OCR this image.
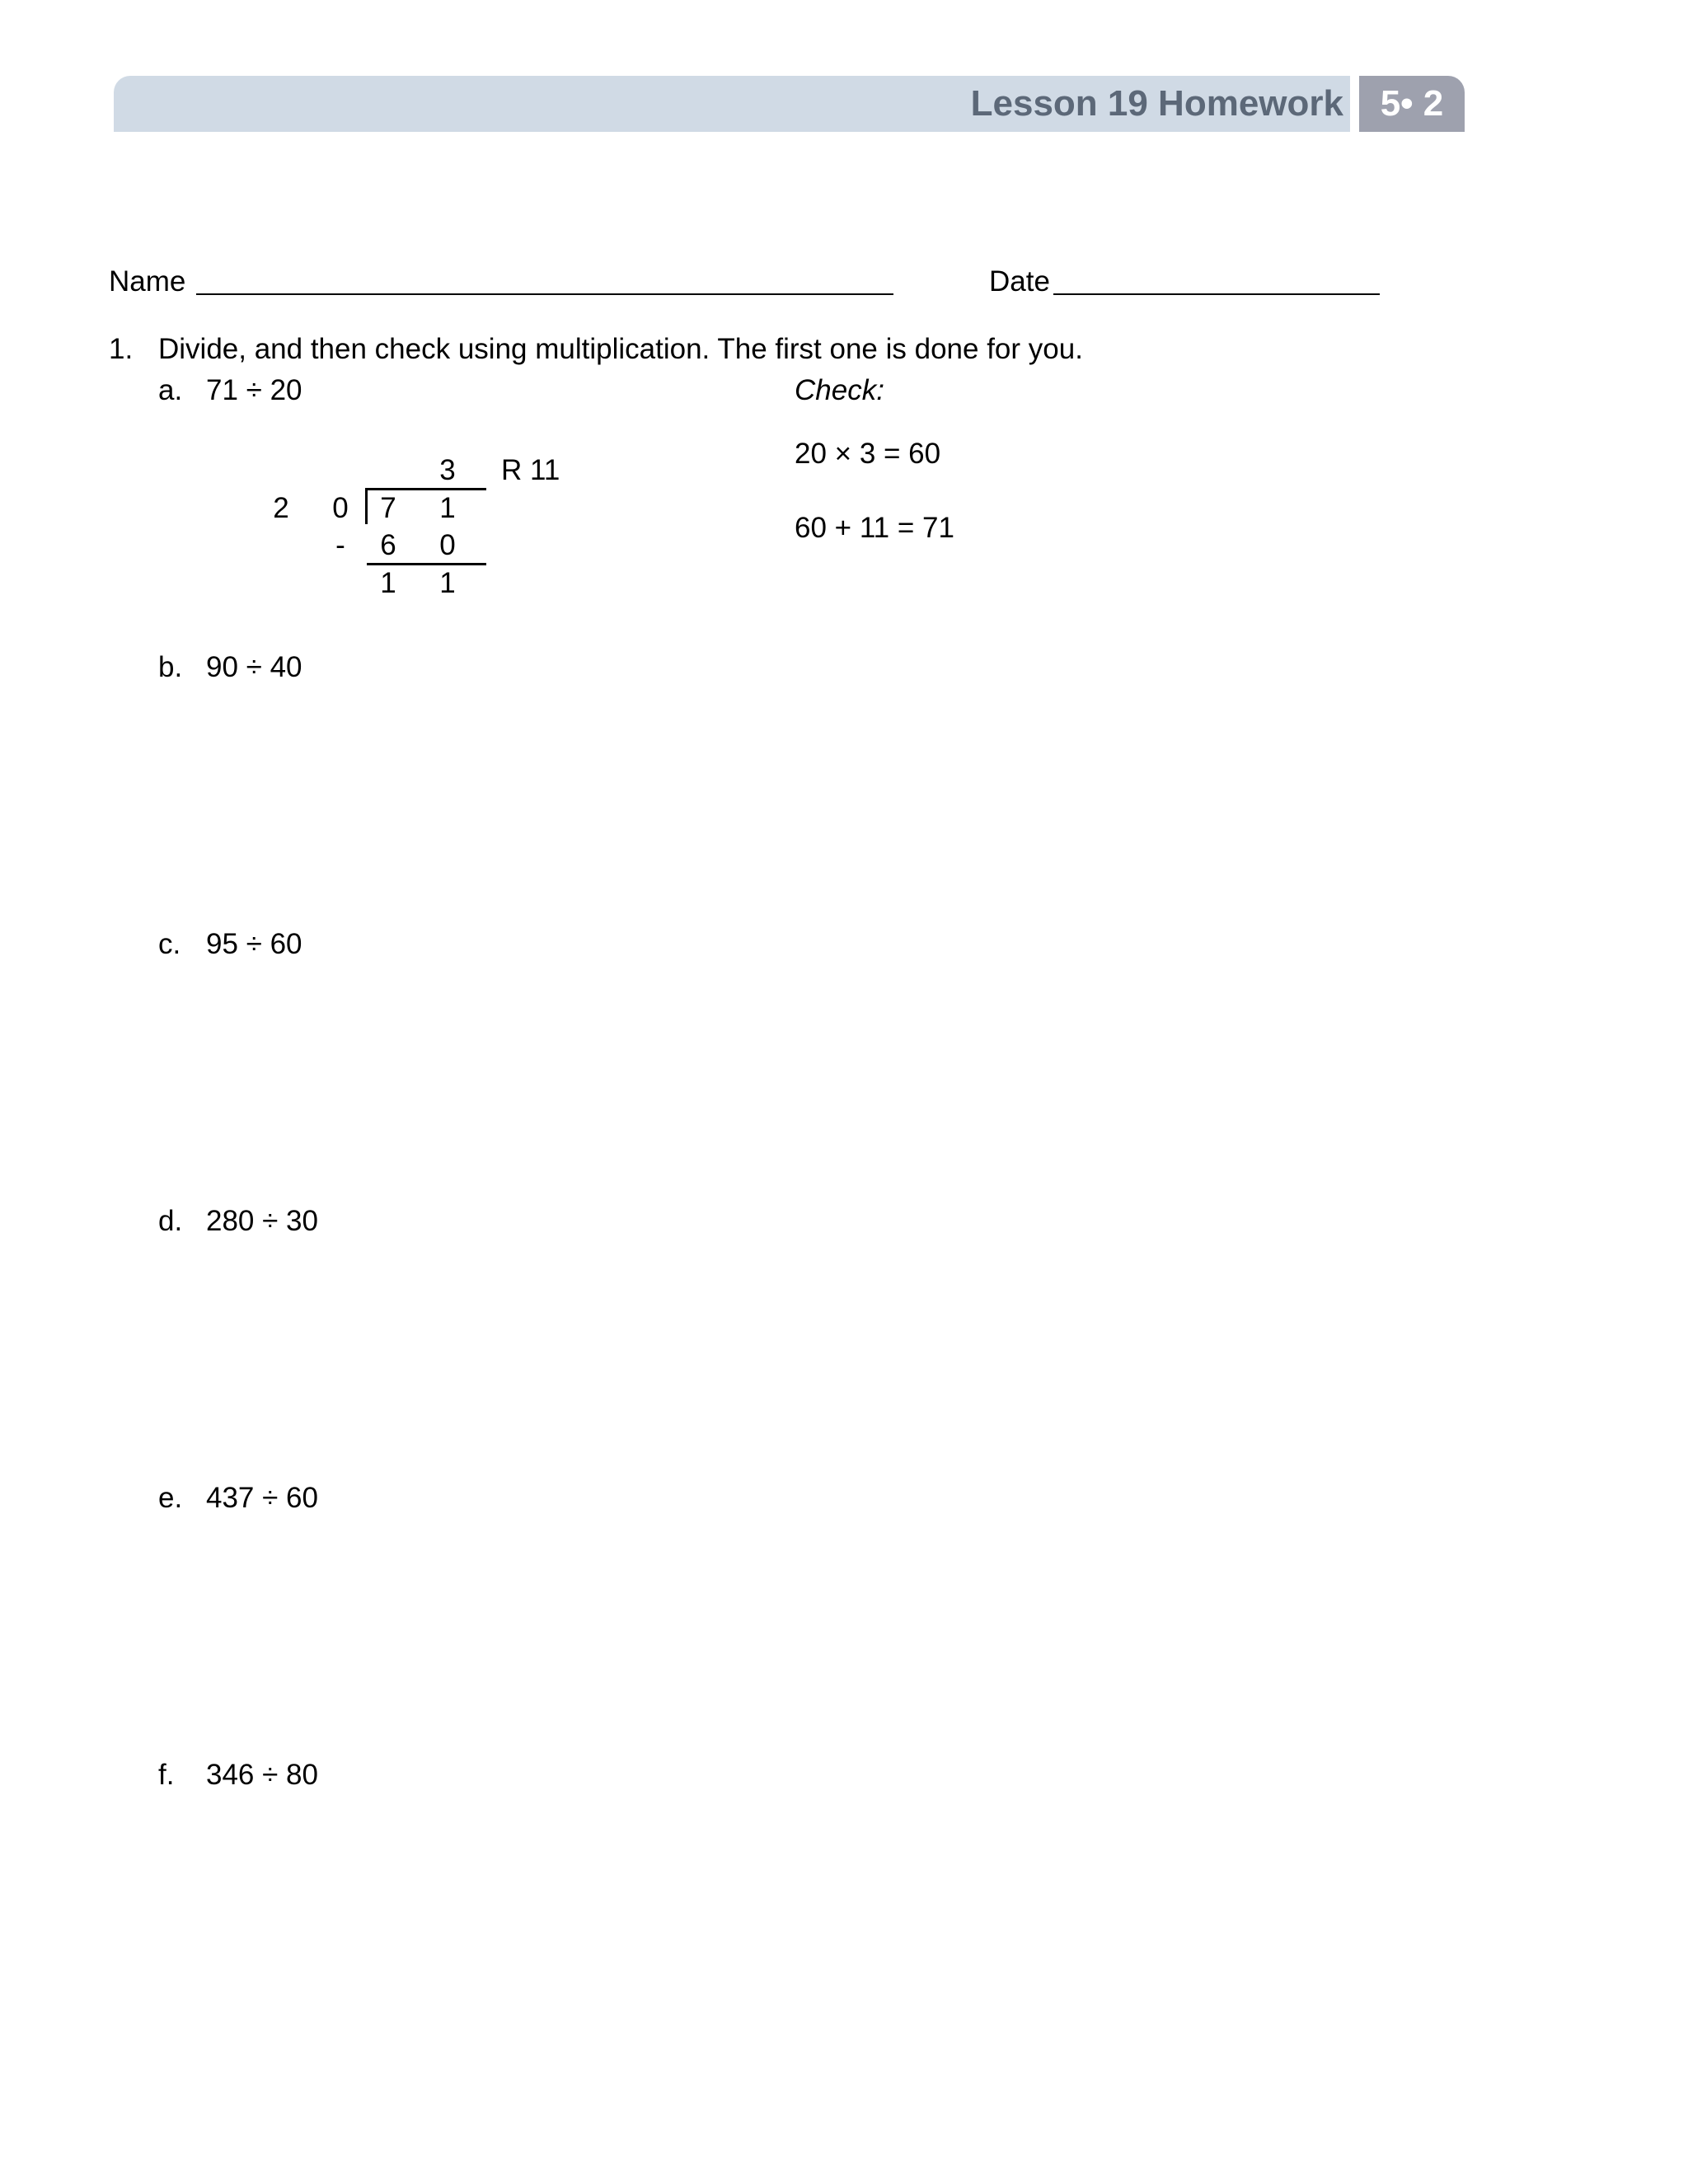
Lesson 19 Homework	5• 2
Name	Date
1. Divide, and then check using multiplication. The first one is done for you.
a. 71 ÷ 20
b. 90 ÷ 40
c. 95 ÷ 60
d. 280 ÷ 30
e. 437 ÷ 60
f. 346 ÷ 80
Check:
20 × 3 = 60
60 + 11 = 71
3 R 11
2 0 7 1
- 6 0
1 1
